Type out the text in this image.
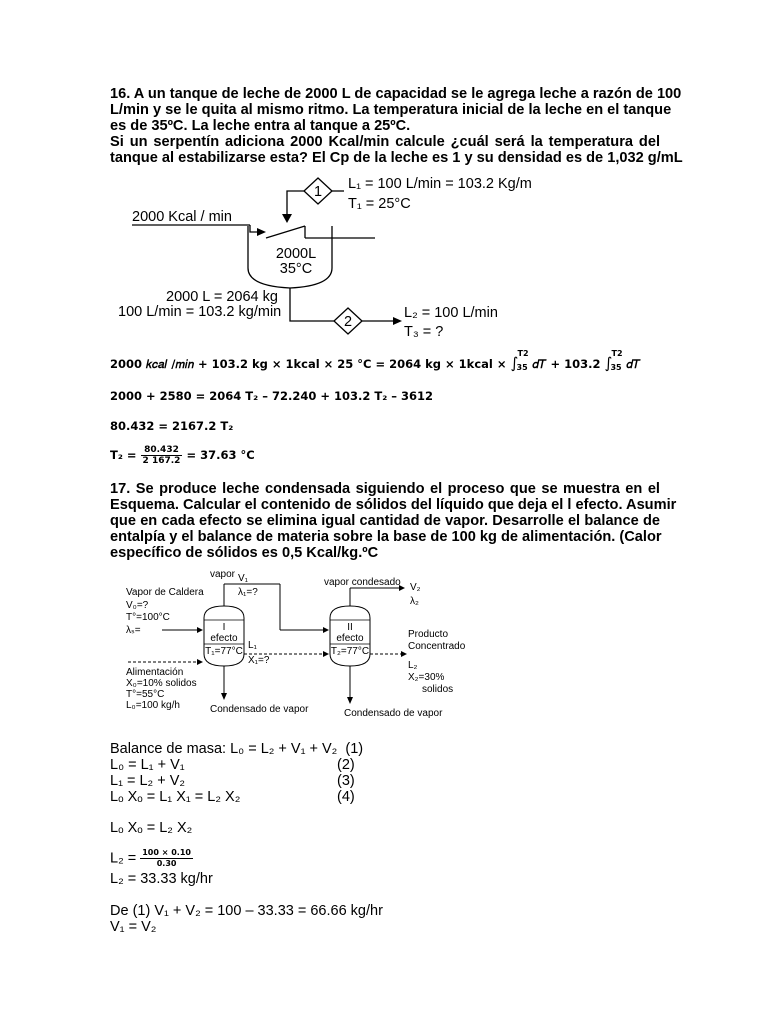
16. A un tanque de leche de 2000 L de capacidad se le agrega leche a razón de 100
L/min y se le quita al mismo ritmo. La temperatura inicial de la leche en el tanque
es de 35ºC. La leche entra al tanque a 25ºC.
Si un serpentín adiciona 2000 Kcal/min calcule ¿cuál será la temperatura del
tanque al estabilizarse esta? El Cp de la leche es 1 y su densidad es de 1,032 g/mL

1 L₁ = 100 L/min = 103.2 Kg/m
T₁ = 25°C
2000 Kcal / min
2000L
35°C
2000 L = 2064 kg
100 L/min = 103.2 kg/min
2
L₂ = 100 L/min
T₃ = ?
2000 𝑘𝑐𝑎𝑙 /𝑚𝑖𝑛 + 103.2 kg × 1kcal × 25 °C = 2064 kg × 1kcal × ∫
T2
35 𝑑𝑇 + 103.2 ∫
T2
35 𝑑𝑇
2000 + 2580 = 2064 T₂ – 72.240 + 103.2 T₂ – 3612
80.432 = 2167.2 T₂
$T_2 = \frac{80.432}{2 167.2} = 37.63$ °C

17. Se produce leche condensada siguiendo el proceso que se muestra en el
Esquema. Calcular el contenido de sólidos del líquido que deja el l efecto. Asumir
que en cada efecto se elimina igual cantidad de vapor. Desarrolle el balance de
entalpía y el balance de materia sobre la base de 100 kg de alimentación. (Calor
específico de sólidos es 0,5 Kcal/kg.ºC

Vapor de Caldera
V₀=?
T°=100°C
λₛ=	I
efecto
T₁=77°C
vapor V₁
λ₁=?
L₁
X₁=?
II
efecto
T₂=77°C
vapor condesado V₂
λ₂
Producto
Concentrado
L₂
X₂=30%
solidos
Alimentación
X₀=10% solidos
T°=55°C
L₀=100 kg/h	Condensado de vapor	Condensado de vapor
Balance de masa: L₀ = L₂ + V₁ + V₂ (1)
L₀ = L₁ + V₁	(2)
L₁ = L₂ + V₂	(3)
Lₒ Xₒ = L₁ X₁ = L₂ X₂	(4)
Lₒ Xₒ = L₂ X₂
$L_2 = \frac{100 \times 0.10}{0.30}$
L₂ = 33.33 kg/hr
De (1) V₁ + V₂ = 100 – 33.33 = 66.66 kg/hr
V₁ = V₂
